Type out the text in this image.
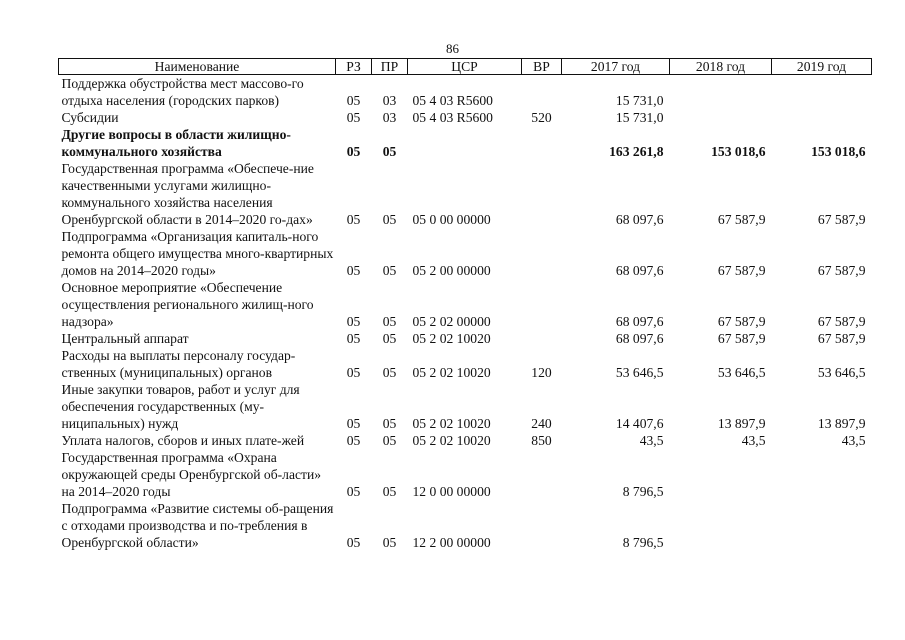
86
Наименование	РЗ	ПР	ЦСР	ВР	2017 год	2018 год	2019 год
Поддержка обустройства мест массово-го отдыха населения (городских парков)	05	03	05 4 03 R5600		15 731,0		
Субсидии	05	03	05 4 03 R5600	520	15 731,0		
Другие вопросы в области жилищно-коммунального хозяйства	05	05			163 261,8	153 018,6	153 018,6
Государственная программа «Обеспече-ние качественными услугами жилищно-коммунального хозяйства населения Оренбургской области в 2014–2020 го-дах»	05	05	05 0 00 00000		68 097,6	67 587,9	67 587,9
Подпрограмма «Организация капиталь-ного ремонта общего имущества много-квартирных домов на 2014–2020 годы»	05	05	05 2 00 00000		68 097,6	67 587,9	67 587,9
Основное мероприятие «Обеспечение осуществления регионального жилищ-ного надзора»	05	05	05 2 02 00000		68 097,6	67 587,9	67 587,9
Центральный аппарат	05	05	05 2 02 10020		68 097,6	67 587,9	67 587,9
Расходы на выплаты персоналу государ-ственных (муниципальных) органов	05	05	05 2 02 10020	120	53 646,5	53 646,5	53 646,5
Иные закупки товаров, работ и услуг для обеспечения государственных (му-ниципальных) нужд	05	05	05 2 02 10020	240	14 407,6	13 897,9	13 897,9
Уплата налогов, сборов и иных плате-жей	05	05	05 2 02 10020	850	43,5	43,5	43,5
Государственная программа «Охрана окружающей среды Оренбургской об-ласти» на 2014–2020 годы	05	05	12 0 00 00000		8 796,5		
Подпрограмма «Развитие системы об-ращения с отходами производства и по-требления в Оренбургской области»	05	05	12 2 00 00000		8 796,5		
